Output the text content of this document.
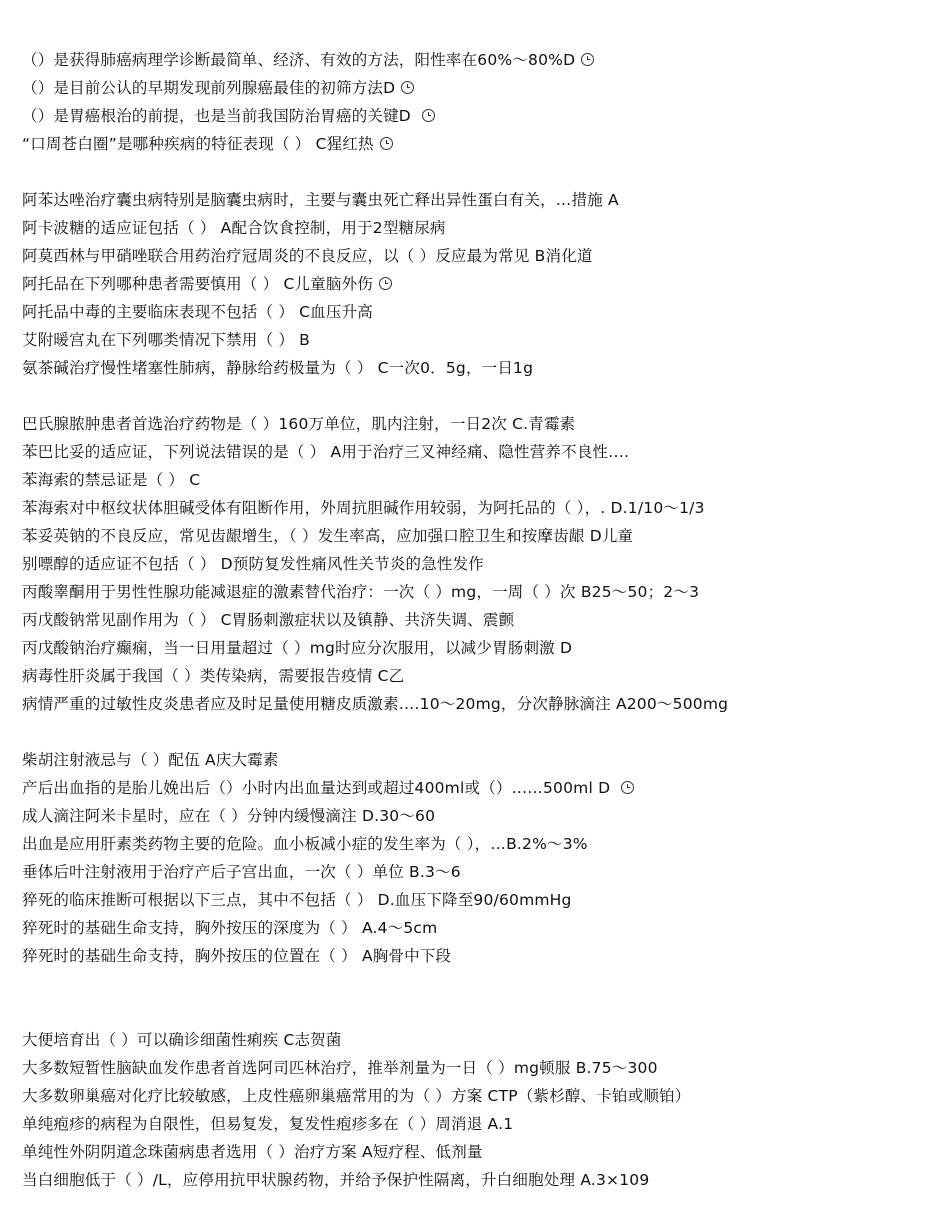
（）是获得肺癌病理学诊断最简单、经济、有效的方法，阳性率在60%～80%D
（）是目前公认的早期发现前列腺癌最佳的初筛方法D
（）是胃癌根治的前提，也是当前我国防治胃癌的关键D
“口周苍白圈”是哪种疾病的特征表现（ ） C猩红热
阿苯达唑治疗囊虫病特别是脑囊虫病时，主要与囊虫死亡释出异性蛋白有关，…措施 A
阿卡波糖的适应证包括（ ） A配合饮食控制，用于2型糖尿病
阿莫西林与甲硝唑联合用药治疗冠周炎的不良反应，以（ ）反应最为常见 B消化道
阿托品在下列哪种患者需要慎用（ ） C儿童脑外伤
阿托品中毒的主要临床表现不包括（ ） C血压升高
艾附暖宫丸在下列哪类情况下禁用（ ） B
氨茶碱治疗慢性堵塞性肺病，静脉给药极量为（ ） C一次0．5g，一日1g
巴氏腺脓肿患者首选治疗药物是（ ）160万单位，肌内注射，一日2次 C.青霉素
苯巴比妥的适应证，下列说法错误的是（ ） A用于治疗三叉神经痛、隐性营养不良性….
苯海索的禁忌证是（ ） C
苯海索对中枢纹状体胆碱受体有阻断作用，外周抗胆碱作用较弱，为阿托品的（ ），. D.1/10～1/3
苯妥英钠的不良反应，常见齿龈增生，（ ）发生率高，应加强口腔卫生和按摩齿龈 D儿童
别嘌醇的适应证不包括（ ） D预防复发性痛风性关节炎的急性发作
丙酸睾酮用于男性性腺功能减退症的激素替代治疗：一次（ ）mg，一周（ ）次 B25～50；2～3
丙戊酸钠常见副作用为（ ） C胃肠刺激症状以及镇静、共济失调、震颤
丙戊酸钠治疗癫痫，当一日用量超过（ ）mg时应分次服用，以减少胃肠刺激 D
病毒性肝炎属于我国（ ）类传染病，需要报告疫情 C乙
病情严重的过敏性皮炎患者应及时足量使用糖皮质激素….10～20mg，分次静脉滴注 A200～500mg
柴胡注射液忌与（ ）配伍 A庆大霉素
产后出血指的是胎儿娩出后（）小时内出血量达到或超过400ml或（）……500ml D
成人滴注阿米卡星时，应在（ ）分钟内缓慢滴注 D.30～60
出血是应用肝素类药物主要的危险。血小板减小症的发生率为（ ），…B.2%～3%
垂体后叶注射液用于治疗产后子宫出血，一次（ ）单位 B.3～6
猝死的临床推断可根据以下三点，其中不包括（ ） D.血压下降至90/60mmHg
猝死时的基础生命支持，胸外按压的深度为（ ） A.4～5cm
猝死时的基础生命支持，胸外按压的位置在（ ） A胸骨中下段
大便培育出（ ）可以确诊细菌性痢疾 C志贺菌
大多数短暂性脑缺血发作患者首选阿司匹林治疗，推举剂量为一日（ ）mg顿服 B.75～300
大多数卵巢癌对化疗比较敏感，上皮性癌卵巢癌常用的为（ ）方案 CTP（紫杉醇、卡铂或顺铂）
单纯疱疹的病程为自限性，但易复发，复发性疱疹多在（ ）周消退 A.1
单纯性外阴阴道念珠菌病患者选用（ ）治疗方案 A短疗程、低剂量
当白细胞低于（ ）/L，应停用抗甲状腺药物，并给予保护性隔离，升白细胞处理 A.3×109
